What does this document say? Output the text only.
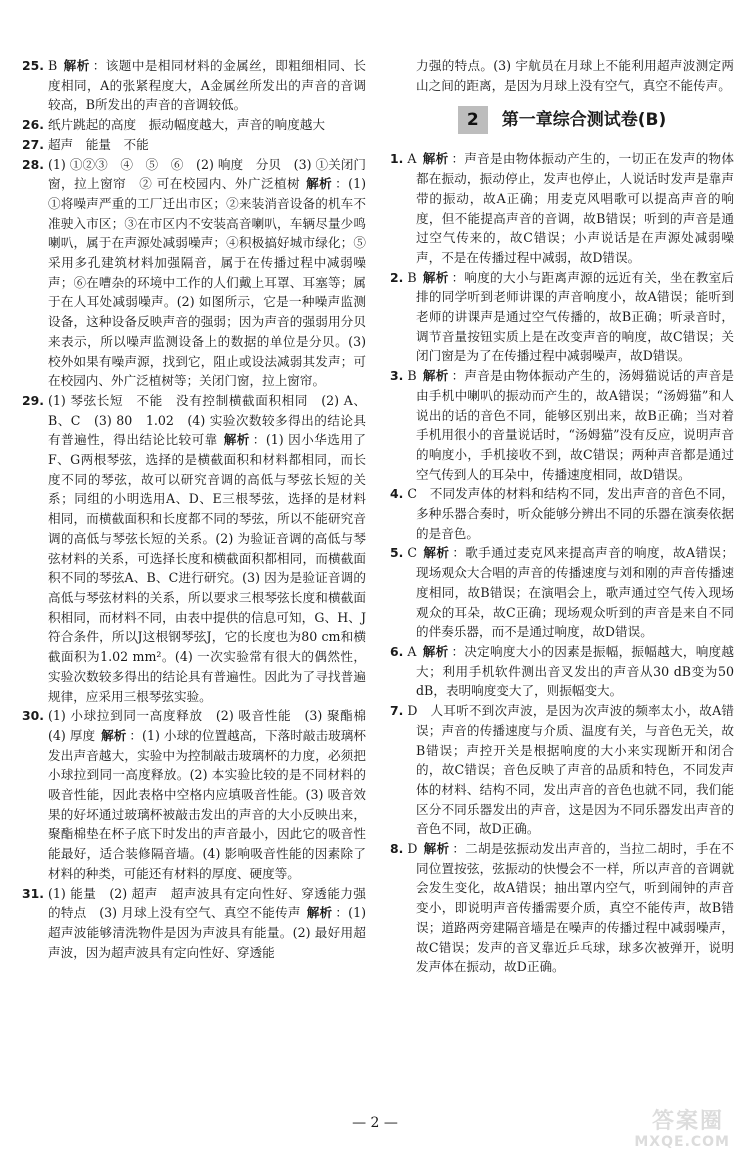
25. B 解析 ：该题中是相同材料的金属丝，即粗细相同、长度相同，A的张紧程度大，A金属丝所发出的声音的音调较高，B所发出的声音的音调较低。
26. 纸片跳起的高度　振动幅度越大，声音的响度越大
27. 超声　能量　不能
28. (1) ①②③　④　⑤　⑥　(2) 响度　分贝　(3) ①关闭门窗，拉上窗帘　② 可在校园内、外广泛植树 解析 ：(1) ①将噪声严重的工厂迁出市区；②来装消音设备的机车不准驶入市区；③在市区内不安装高音喇叭，车辆尽量少鸣喇叭，属于在声源处减弱噪声；④积极搞好城市绿化；⑤采用多孔建筑材料加强隔音，属于在传播过程中减弱噪声；⑥在嘈杂的环境中工作的人们戴上耳罩、耳塞等；属于在人耳处减弱噪声。(2) 如图所示，它是一种噪声监测设备，这种设备反映声音的强弱；因为声音的强弱用分贝来表示，所以噪声监测设备上的数据的单位是分贝。(3) 校外如果有噪声源，找到它，阻止或设法减弱其发声；可在校园内、外广泛植树等；关闭门窗，拉上窗帘。
29. (1) 琴弦长短　不能　没有控制横截面积相同　(2) A、B、C　(3) 80　1.02　(4) 实验次数较多得出的结论具有普遍性，得出结论比较可靠 解析 ：(1) 因小华选用了F、G两根琴弦，选择的是横截面积和材料都相同，而长度不同的琴弦，故可以研究音调的高低与琴弦长短的关系；同组的小明选用A、D、E三根琴弦，选择的是材料相同，而横截面积和长度都不同的琴弦，所以不能研究音调的高低与琴弦长短的关系。(2) 为验证音调的高低与琴弦材料的关系，可选择长度和横截面积都相同，而横截面积不同的琴弦A、B、C进行研究。(3) 因为是验证音调的高低与琴弦材料的关系，所以要求三根琴弦长度和横截面积相同，而材料不同，由表中提供的信息可知，G、H、J符合条件，所以J这根钢琴弦J，它的长度也为80 cm和横截面积为1.02 mm²。(4) 一次实验常有很大的偶然性，实验次数较多得出的结论具有普遍性。因此为了寻找普遍规律，应采用三根琴弦实验。
30. (1) 小球拉到同一高度释放　(2) 吸音性能　(3) 聚酯棉　(4) 厚度 解析 ：(1) 小球的位置越高，下落时敲击玻璃杯发出声音越大，实验中为控制敲击玻璃杯的力度，必须把小球拉到同一高度释放。(2) 本实验比较的是不同材料的吸音性能，因此表格中空格内应填吸音性能。(3) 吸音效果的好坏通过玻璃杯被敲击发出的声音的大小反映出来，聚酯棉垫在杯子底下时发出的声音最小，因此它的吸音性能最好，适合装修隔音墙。(4) 影响吸音性能的因素除了材料的种类，可能还有材料的厚度、硬度等。
31. (1) 能量　(2) 超声　超声波具有定向性好、穿透能力强的特点　(3) 月球上没有空气、真空不能传声 解析 ：(1) 超声波能够清洗物件是因为声波具有能量。(2) 最好用超声波，因为超声波具有定向性好、穿透能
力强的特点。(3) 宇航员在月球上不能利用超声波测定两山之间的距离，是因为月球上没有空气，真空不能传声。
2	第一章综合测试卷(B)
1. A 解析 ：声音是由物体振动产生的，一切正在发声的物体都在振动，振动停止，发声也停止，人说话时发声是靠声带的振动，故A正确；用麦克风唱歌可以提高声音的响度，但不能提高声音的音调，故B错误；听到的声音是通过空气传来的，故C错误；小声说话是在声源处减弱噪声，不是在传播过程中减弱，故D错误。
2. B 解析 ：响度的大小与距离声源的远近有关，坐在教室后排的同学听到老师讲课的声音响度小，故A错误；能听到老师的讲课声是通过空气传播的，故B正确；听录音时，调节音量按钮实质上是在改变声音的响度，故C错误；关闭门窗是为了在传播过程中减弱噪声，故D错误。
3. B 解析 ：声音是由物体振动产生的，汤姆猫说话的声音是由手机中喇叭的振动而产生的，故A错误；“汤姆猫”和人说出的话的音色不同，能够区别出来，故B正确；当对着手机用很小的音量说话时，“汤姆猫”没有反应，说明声音的响度小，手机接收不到，故C错误；两种声音都是通过空气传到人的耳朵中，传播速度相同，故D错误。
4. C　 不同发声体的材料和结构不同，发出声音的音色不同，多种乐器合奏时，听众能够分辨出不同的乐器在演奏依据的是音色。
5. C 解析 ：歌手通过麦克风来提高声音的响度，故A错误；现场观众大合唱的声音的传播速度与刘和刚的声音传播速度相同，故B错误；在演唱会上，歌声通过空气传入现场观众的耳朵，故C正确；现场观众听到的声音是来自不同的伴奏乐器，而不是通过响度，故D错误。
6. A 解析 ：决定响度大小的因素是振幅，振幅越大，响度越大；利用手机软件测出音叉发出的声音从30 dB变为50 dB，表明响度变大了，则振幅变大。
7. D　 人耳听不到次声波，是因为次声波的频率太小，故A错误；声音的传播速度与介质、温度有关，与音色无关，故B错误；声控开关是根据响度的大小来实现断开和闭合的，故C错误；音色反映了声音的品质和特色，不同发声体的材料、结构不同，发出声音的音色也就不同，我们能区分不同乐器发出的声音，这是因为不同乐器发出声音的音色不同，故D正确。
8. D 解析 ：二胡是弦振动发出声音的，当拉二胡时，手在不同位置按弦，弦振动的快慢会不一样，所以声音的音调就会发生变化，故A错误；抽出罩内空气，听到闹钟的声音变小，即说明声音传播需要介质，真空不能传声，故B错误；道路两旁建隔音墙是在噪声的传播过程中减弱噪声，故C错误；发声的音叉靠近乒乓球，球多次被弹开，说明发声体在振动，故D正确。
— 2 —	答案圈
MXQE.COM
